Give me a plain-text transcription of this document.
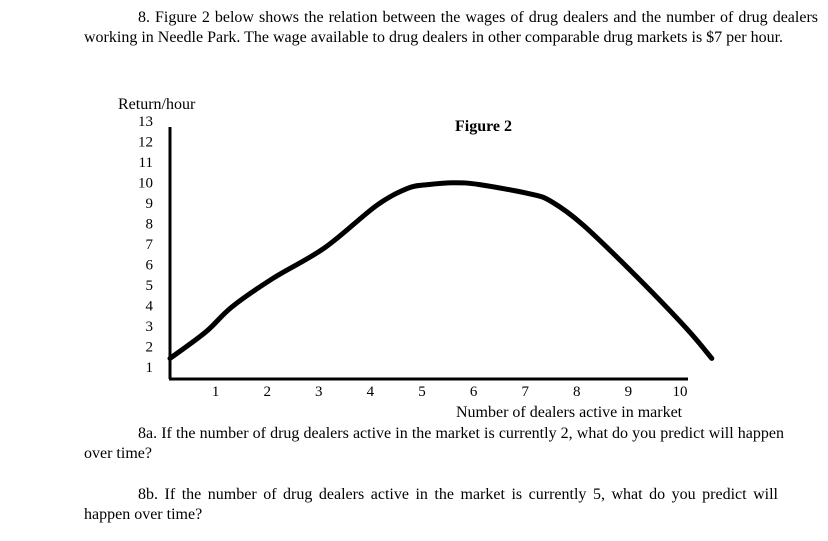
8. Figure 2 below shows the relation between the wages of drug dealers and the number of drug dealers working in Needle Park. The wage available to drug dealers in other comparable drug markets is $7 per hour.
Return/hour
Figure 2
1
2
3
4
5
6
7
8
9
10
11
12
13
1	2	3	4	5	6	7	8	9	10
Number of dealers active in market
8a. If the number of drug dealers active in the market is currently 2, what do you predict will happen over time?
8b. If the number of drug dealers active in the market is currently 5, what do you predict will happen over time?
